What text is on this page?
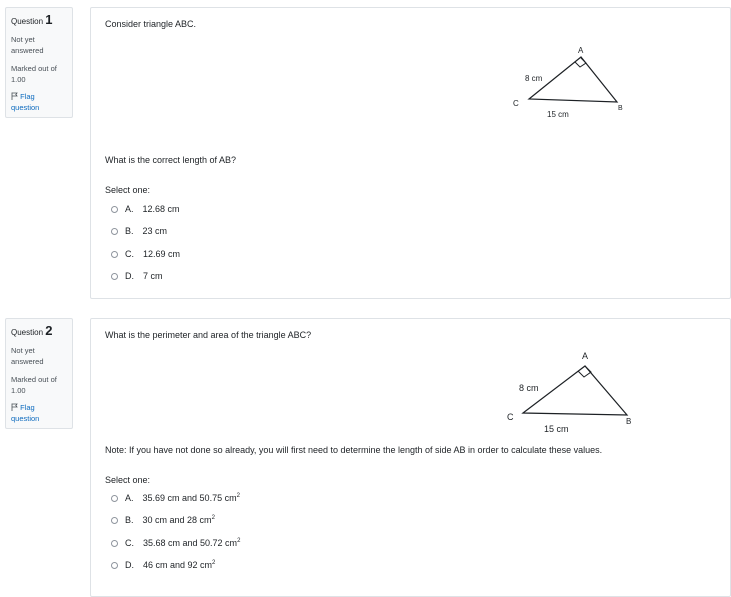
Question 1
Not yet answered
Marked out of 1.00
Flag question
Consider triangle ABC.
A
B
C
8 cm
15 cm
What is the correct length of AB?
Select one:
A. 12.68 cm
B. 23 cm
C. 12.69 cm
D. 7 cm
Question 2
Not yet answered
Marked out of 1.00
Flag question
What is the perimeter and area of the triangle ABC?
A
B
C
8 cm
15 cm
Note: If you have not done so already, you will first need to determine the length of side AB in order to calculate these values.
Select one:
A. 35.69 cm and 50.75 $cm^2$
B. 30 cm and 28 $cm^2$
C. 35.68 cm and 50.72 $cm^2$
D. 46 cm and 92 $cm^2$
